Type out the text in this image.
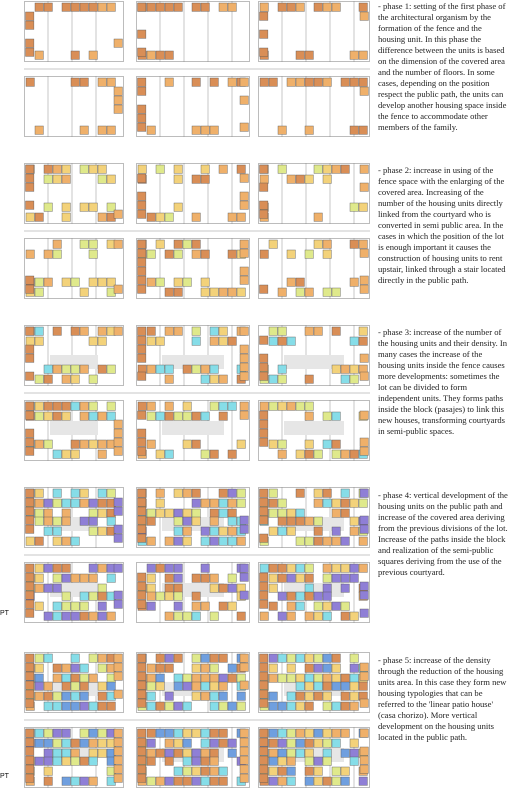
- phase 1: setting of the first phase of the architectural organism by the formation of the fence and the housing unit. In this phase the difference between the units is based on the dimension of the covered area and the number of floors. In some cases, depending on the position respect the public path, the units can develop another housing space inside the fence to accommodate other members of the family.

- phase 2: increase in using of the fence space with the enlarging of the covered area. Increasing of the number of the housing units directly linked from the courtyard who is converted in semi public area. In the cases in which the position of the lot is enough important it causes the construction of housing units to rent upstair, linked through a stair located directly in the public path.

- phase 3: increase of the number of the housing units and their density. In many cases the increase of the housing units inside the fence causes more developments: sometimes the lot can be divided to form independent units. They forms paths inside the block (pasajes) to link this new houses, transforming courtyards in semi-public spaces.

- phase 4: vertical development of the housing units on the public path and increase of the covered area deriving from the previous divisions of the lot. Increase of the paths inside the block and realization of the semi-public squares deriving from the use of the previous courtyard.

PT

- phase 5: increase of the density through the reduction of the housing units area. In this case they form new housing typologies that can be referred to the 'linear patio house' (casa chorizo). More vertical development on the housing units located in the public path.

PT
